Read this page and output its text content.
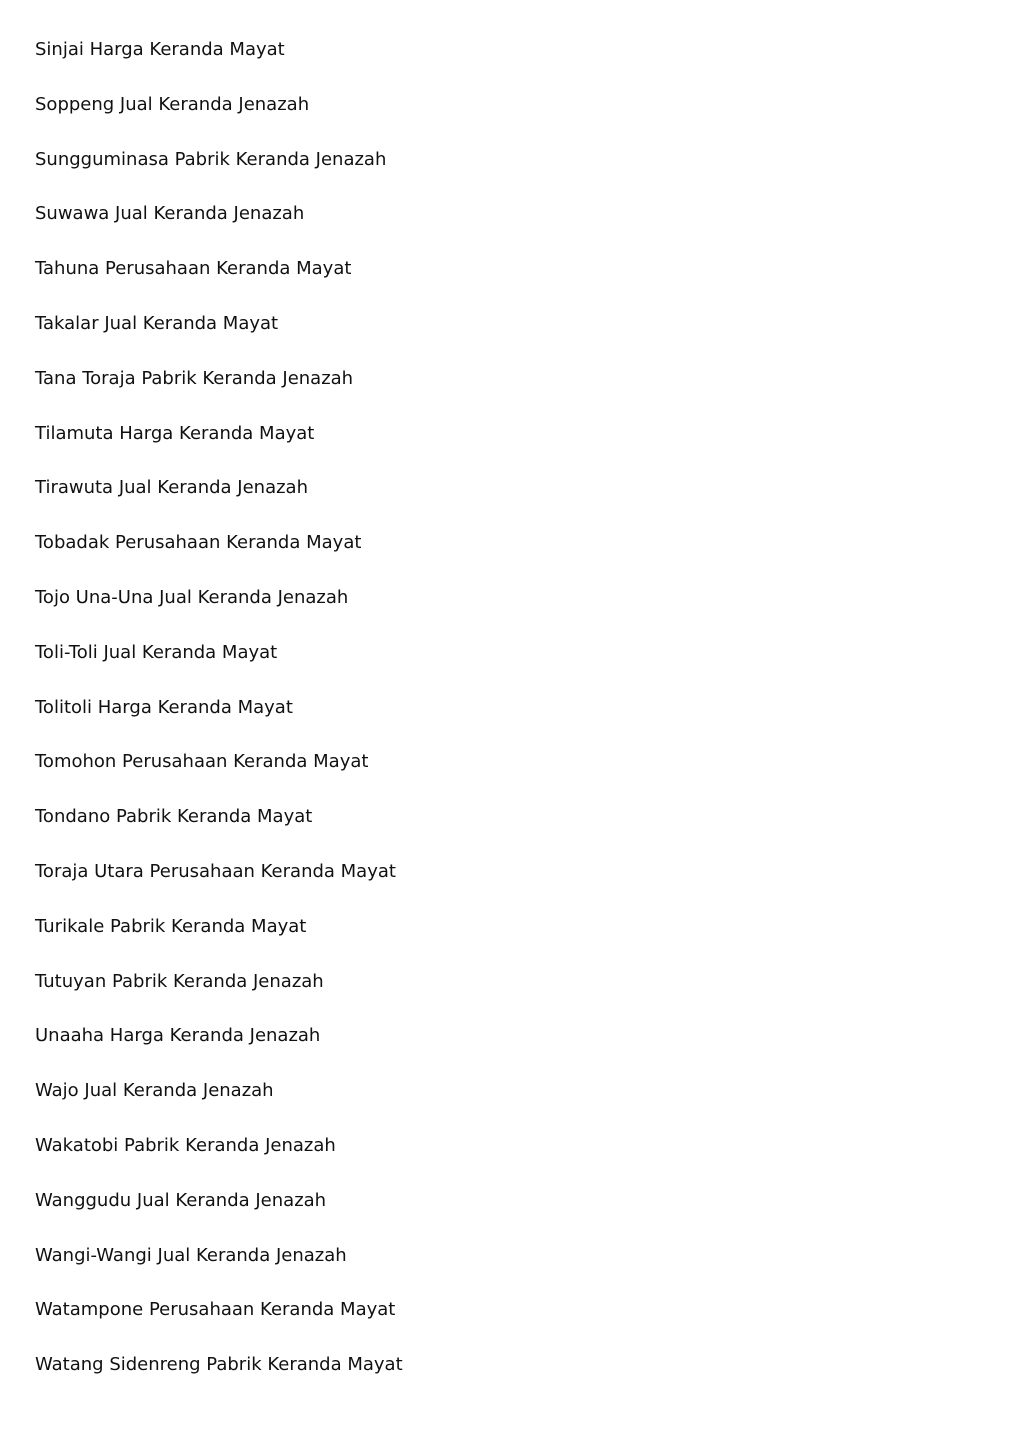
Sinjai Harga Keranda Mayat
Soppeng Jual Keranda Jenazah
Sungguminasa Pabrik Keranda Jenazah
Suwawa Jual Keranda Jenazah
Tahuna Perusahaan Keranda Mayat
Takalar Jual Keranda Mayat
Tana Toraja Pabrik Keranda Jenazah
Tilamuta Harga Keranda Mayat
Tirawuta Jual Keranda Jenazah
Tobadak Perusahaan Keranda Mayat
Tojo Una-Una Jual Keranda Jenazah
Toli-Toli Jual Keranda Mayat
Tolitoli Harga Keranda Mayat
Tomohon Perusahaan Keranda Mayat
Tondano Pabrik Keranda Mayat
Toraja Utara Perusahaan Keranda Mayat
Turikale Pabrik Keranda Mayat
Tutuyan Pabrik Keranda Jenazah
Unaaha Harga Keranda Jenazah
Wajo Jual Keranda Jenazah
Wakatobi Pabrik Keranda Jenazah
Wanggudu Jual Keranda Jenazah
Wangi-Wangi Jual Keranda Jenazah
Watampone Perusahaan Keranda Mayat
Watang Sidenreng Pabrik Keranda Mayat
